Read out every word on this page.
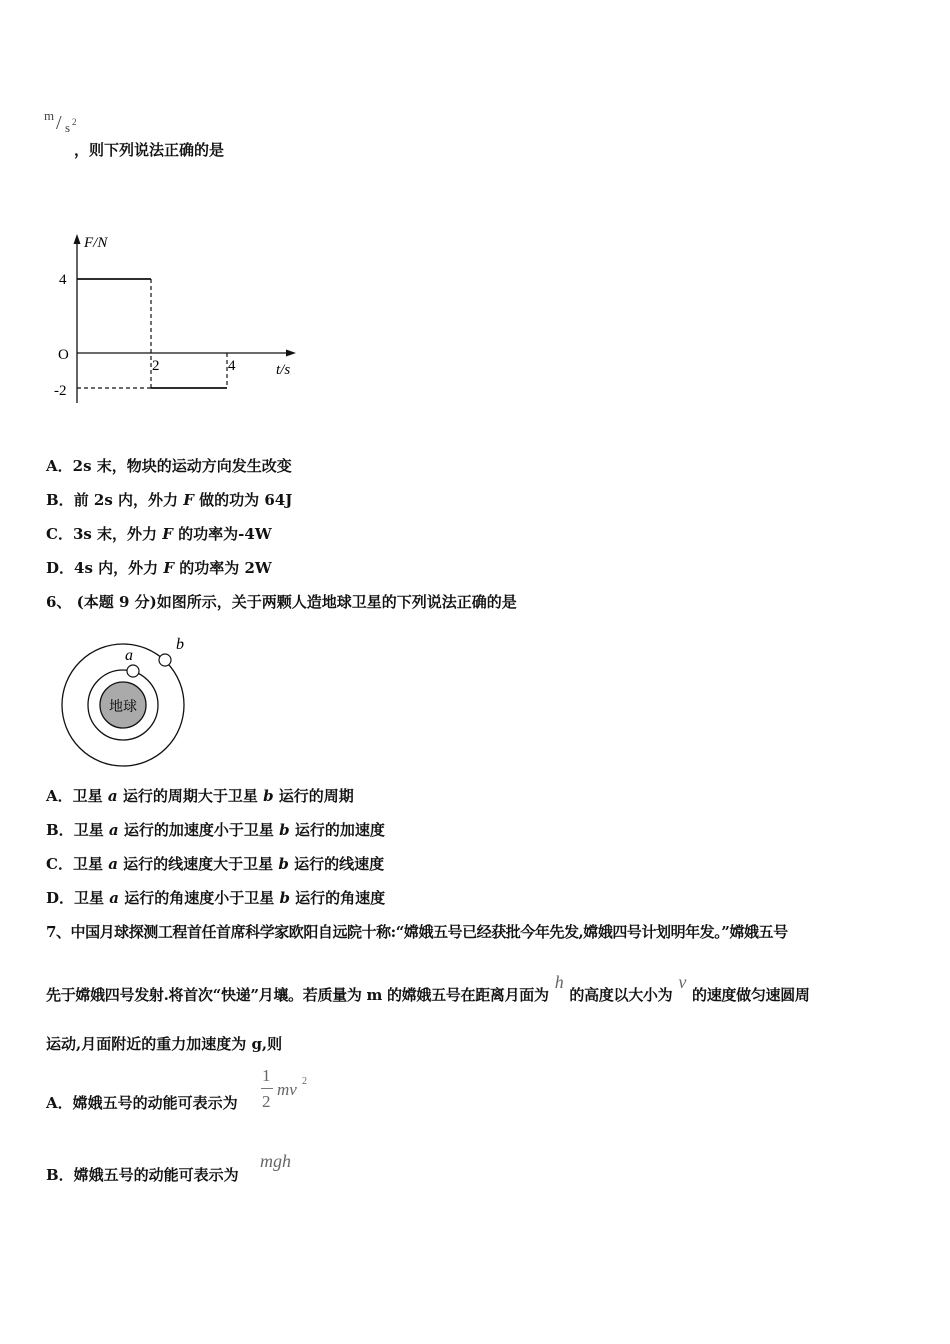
m / s 2
，则下列说法正确的是
F/N
4
O
-2
2	4	t/s
A．2s 末，物块的运动方向发生改变
B．前 2s 内，外力 F 做的功为 64J
C．3s 末，外力 F 的功率为-4W
D．4s 内，外力 F 的功率为 2W
6、 (本题 9 分)如图所示，关于两颗人造地球卫星的下列说法正确的是
地球
a
b
A．卫星 a 运行的周期大于卫星 b 运行的周期
B．卫星 a 运行的加速度小于卫星 b 运行的加速度
C．卫星 a 运行的线速度大于卫星 b 运行的线速度
D．卫星 a 运行的角速度小于卫星 b 运行的角速度
7、中国月球探测工程首任首席科学家欧阳自远院十称:“嫦娥五号已经获批今年先发,嫦娥四号计划明年发。”嫦娥五号
先于嫦娥四号发射.将首次“快递”月壤。若质量为 m 的嫦娥五号在距离月面为h的高度以大小为v的速度做匀速圆周
运动,月面附近的重力加速度为 g,则
A．嫦娥五号的动能可表示为
1
2
mv 2
B．嫦娥五号的动能可表示为
mgh
